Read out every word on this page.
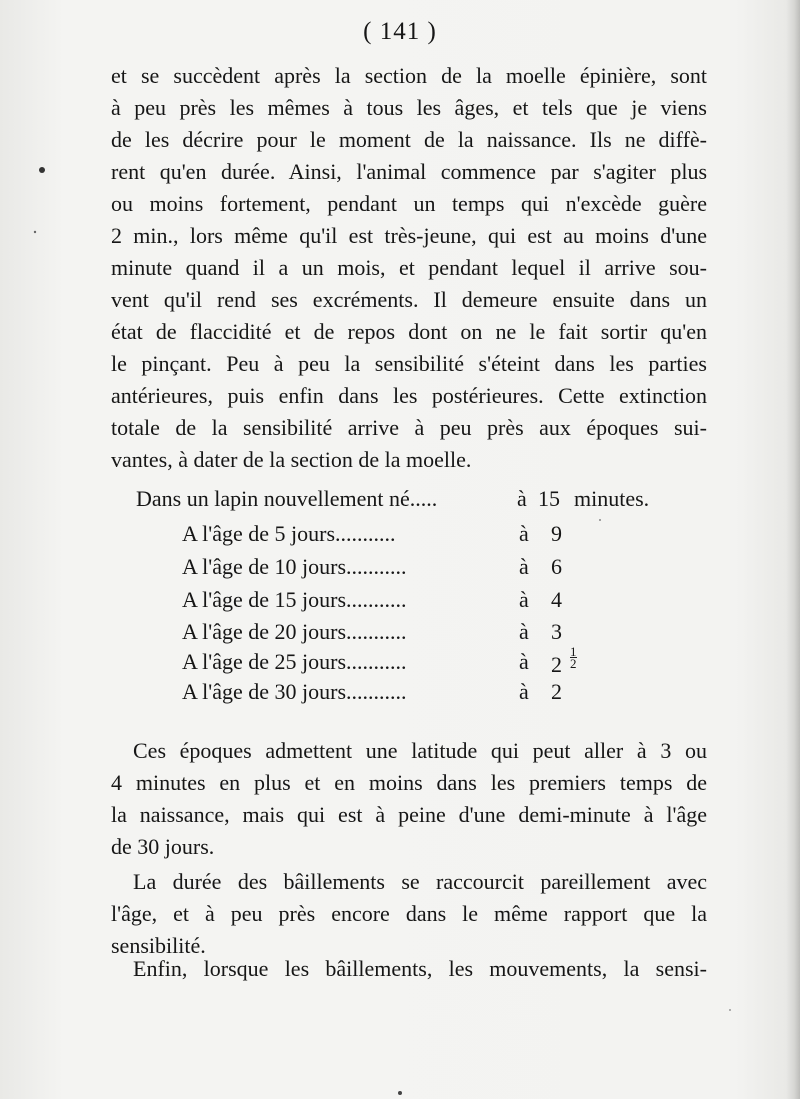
( 141 )
et se succèdent après la section de la moelle épinière, sont
à peu près les mêmes à tous les âges, et tels que je viens
de les décrire pour le moment de la naissance. Ils ne diffè-
rent qu'en durée. Ainsi, l'animal commence par s'agiter plus
ou moins fortement, pendant un temps qui n'excède guère
2 min., lors même qu'il est très-jeune, qui est au moins d'une
minute quand il a un mois, et pendant lequel il arrive sou-
vent qu'il rend ses excréments. Il demeure ensuite dans un
état de flaccidité et de repos dont on ne le fait sortir qu'en
le pinçant. Peu à peu la sensibilité s'éteint dans les parties
antérieures, puis enfin dans les postérieures. Cette extinction
totale de la sensibilité arrive à peu près aux époques sui-
vantes, à dater de la section de la moelle.
Dans un lapin nouvellement né.....	à 15 minutes.
A l'âge de 5 jours...........	à 9
A l'âge de 10 jours...........	à 6
A l'âge de 15 jours...........	à 4
A l'âge de 20 jours...........	à 3
A l'âge de 25 jours...........	à $2 \frac{1}{2}$
A l'âge de 30 jours...........	à 2
Ces époques admettent une latitude qui peut aller à 3 ou
4 minutes en plus et en moins dans les premiers temps de
la naissance, mais qui est à peine d'une demi-minute à l'âge
de 30 jours.
La durée des bâillements se raccourcit pareillement avec
l'âge, et à peu près encore dans le même rapport que la
sensibilité.
Enfin, lorsque les bâillements, les mouvements, la sensi-
